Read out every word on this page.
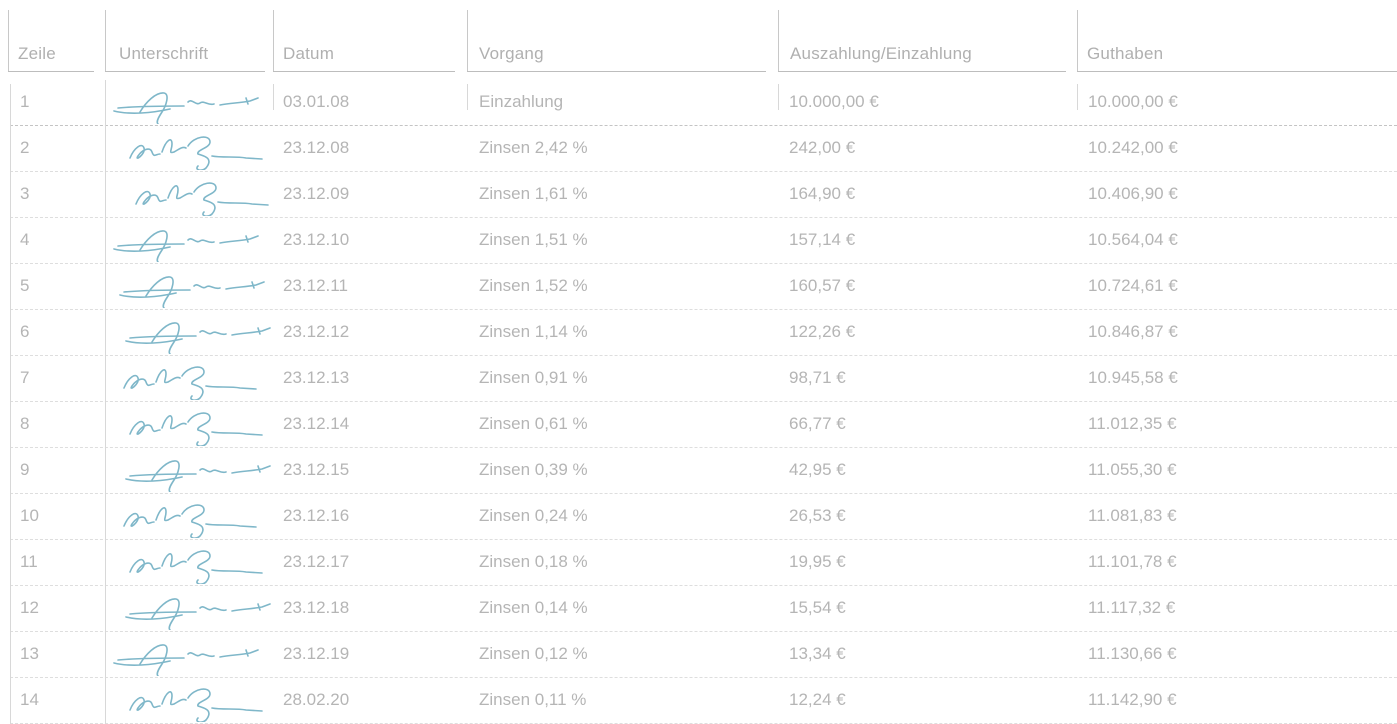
Zeile	Unterschrift	Datum	Vorgang	Auszahlung/Einzahlung	Guthaben
1	03.01.08	Einzahlung	10.000,00 €	10.000,00 €
2	23.12.08	Zinsen 2,42 %	242,00 €	10.242,00 €
3	23.12.09	Zinsen 1,61 %	164,90 €	10.406,90 €
4	23.12.10	Zinsen 1,51 %	157,14 €	10.564,04 €
5	23.12.11	Zinsen 1,52 %	160,57 €	10.724,61 €
6	23.12.12	Zinsen 1,14 %	122,26 €	10.846,87 €
7	23.12.13	Zinsen 0,91 %	98,71 €	10.945,58 €
8	23.12.14	Zinsen 0,61 %	66,77 €	11.012,35 €
9	23.12.15	Zinsen 0,39 %	42,95 €	11.055,30 €
10	23.12.16	Zinsen 0,24 %	26,53 €	11.081,83 €
11	23.12.17	Zinsen 0,18 %	19,95 €	11.101,78 €
12	23.12.18	Zinsen 0,14 %	15,54 €	11.117,32 €
13	23.12.19	Zinsen 0,12 %	13,34 €	11.130,66 €
14	28.02.20	Zinsen 0,11 %	12,24 €	11.142,90 €
